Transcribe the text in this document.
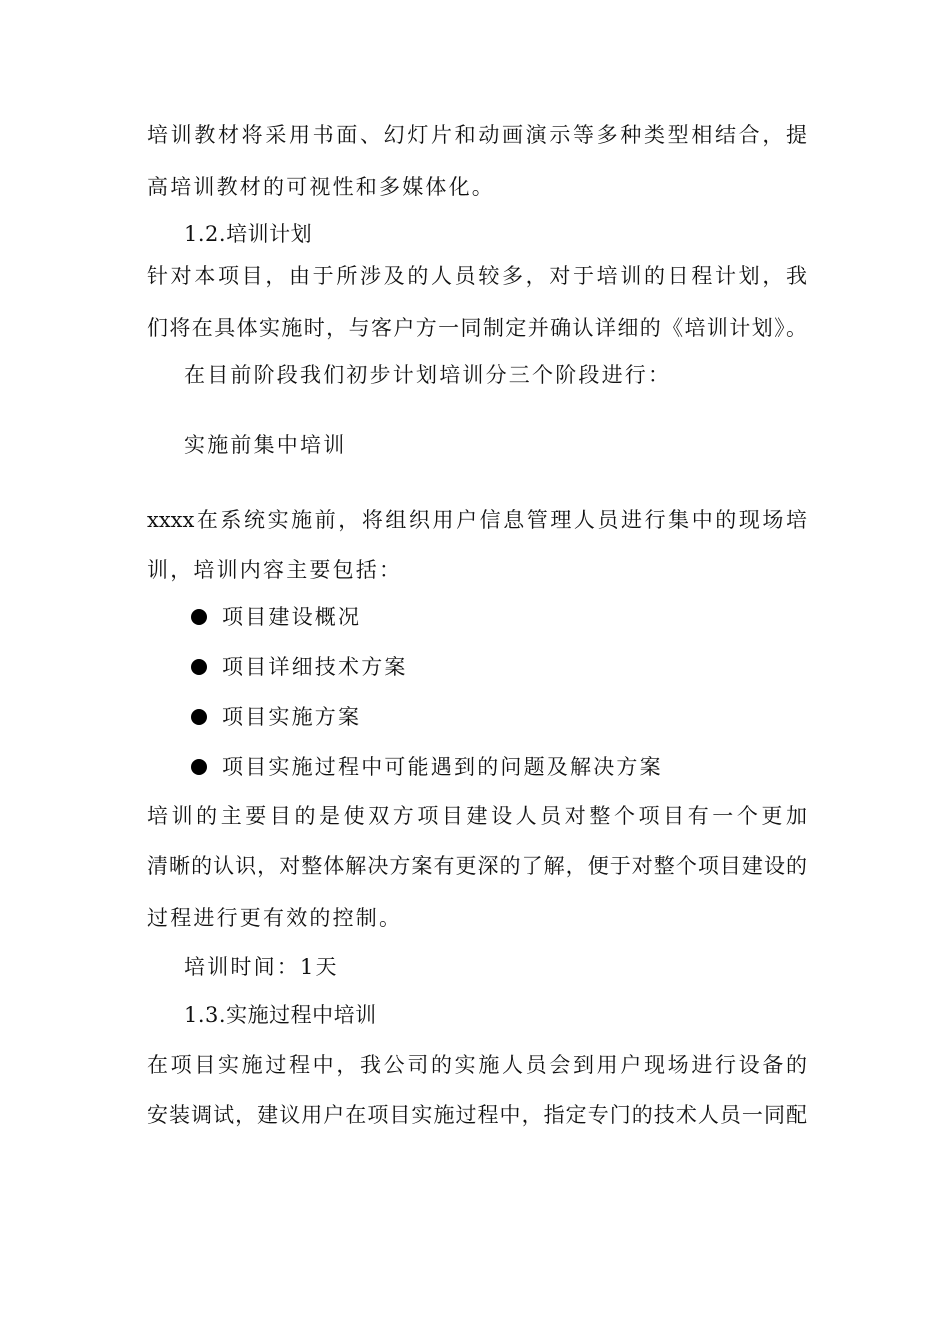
培训教材将采用书面、幻灯片和动画演示等多种类型相结合，提
高培训教材的可视性和多媒体化。
1.2.培训计划
针对本项目，由于所涉及的人员较多，对于培训的日程计划，我
们将在具体实施时，与客户方一同制定并确认详细的《培训计划》。
在目前阶段我们初步计划培训分三个阶段进行：
实施前集中培训
xxxx在系统实施前，将组织用户信息管理人员进行集中的现场培
训，培训内容主要包括：
项目建设概况
项目详细技术方案
项目实施方案
项目实施过程中可能遇到的问题及解决方案
培训的主要目的是使双方项目建设人员对整个项目有一个更加
清晰的认识，对整体解决方案有更深的了解，便于对整个项目建设的
过程进行更有效的控制。
培训时间：1天
1.3.实施过程中培训
在项目实施过程中，我公司的实施人员会到用户现场进行设备的
安装调试，建议用户在项目实施过程中，指定专门的技术人员一同配
